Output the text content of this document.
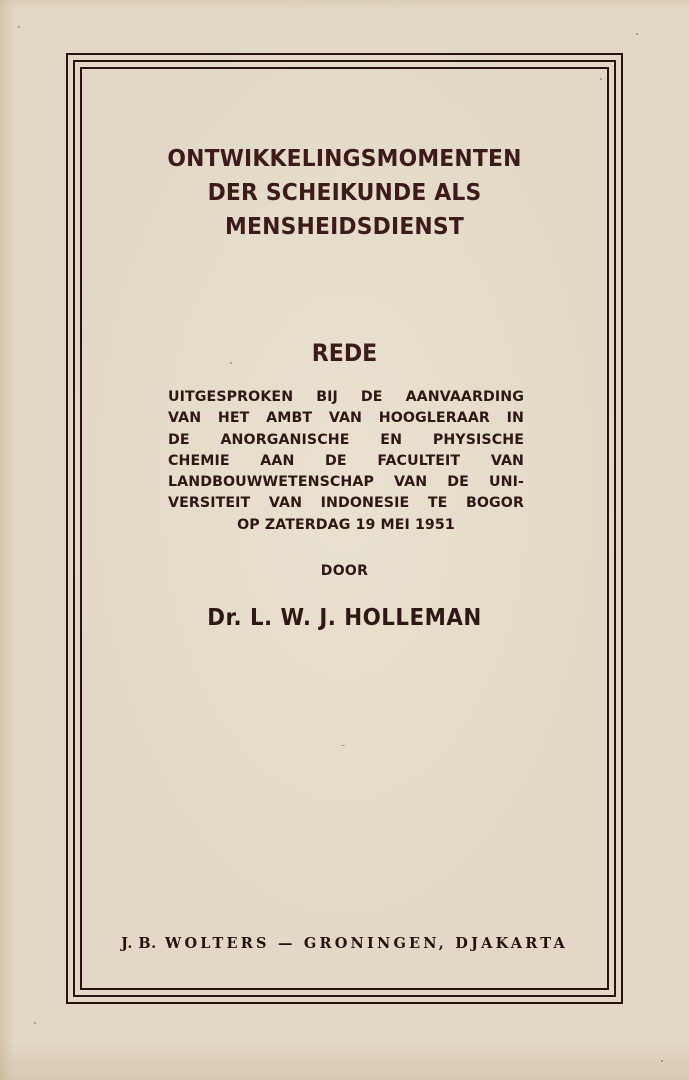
ONTWIKKELINGSMOMENTEN
DER SCHEIKUNDE ALS
MENSHEIDSDIENST
REDE
UITGESPROKEN BIJ DE AANVAARDING
VAN HET AMBT VAN HOOGLERAAR IN
DE ANORGANISCHE EN PHYSISCHE
CHEMIE AAN DE FACULTEIT VAN
LANDBOUWWETENSCHAP VAN DE UNI-
VERSITEIT VAN INDONESIE TE BOGOR
OP ZATERDAG 19 MEI 1951
DOOR
Dr. L. W. J. HOLLEMAN
J. B. WOLTERS — GRONINGEN, DJAKARTA
